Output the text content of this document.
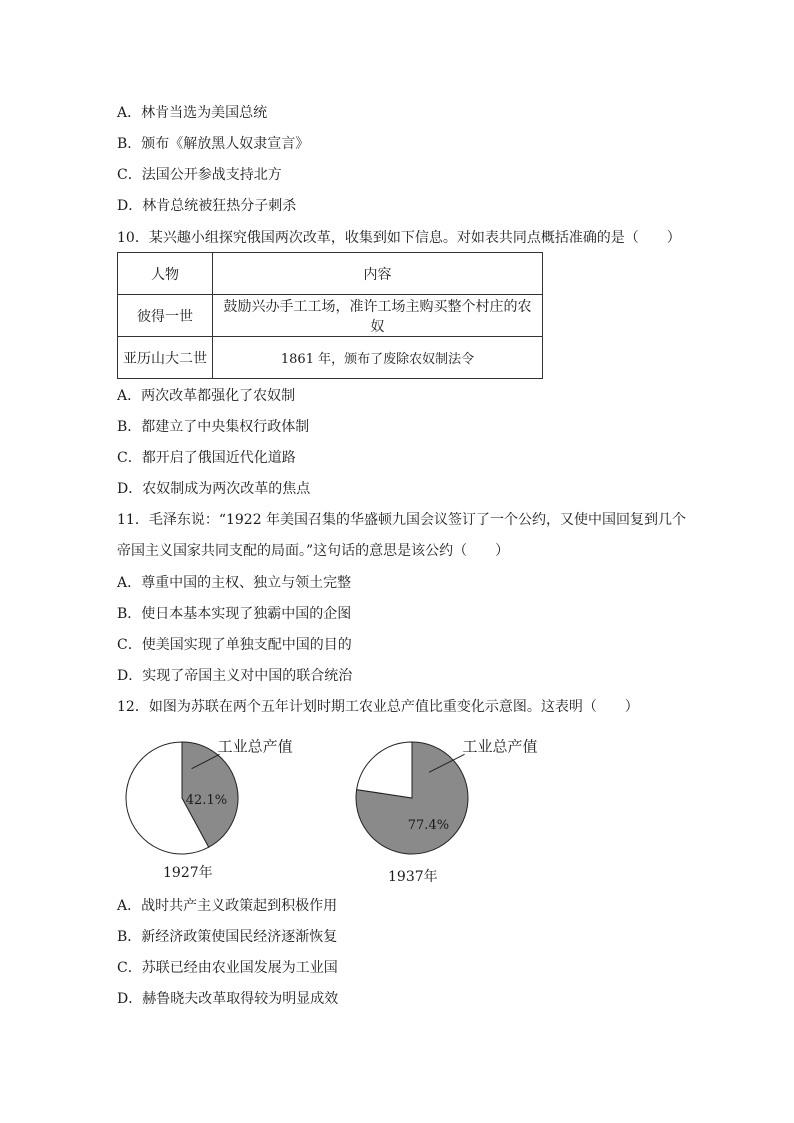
A．林肯当选为美国总统
B．颁布《解放黑人奴隶宣言》
C．法国公开参战支持北方
D．林肯总统被狂热分子刺杀
10．某兴趣小组探究俄国两次改革，收集到如下信息。对如表共同点概括准确的是（　　）
人物	内容
彼得一世	鼓励兴办手工工场，准许工场主购买整个村庄的农奴
亚历山大二世	1861 年，颁布了废除农奴制法令
A．两次改革都强化了农奴制
B．都建立了中央集权行政体制
C．都开启了俄国近代化道路
D．农奴制成为两次改革的焦点
11．毛泽东说：“1922 年美国召集的华盛顿九国会议签订了一个公约，又使中国回复到几个
帝国主义国家共同支配的局面。”这句话的意思是该公约（　　）
A．尊重中国的主权、独立与领土完整
B．使日本基本实现了独霸中国的企图
C．使美国实现了单独支配中国的目的
D．实现了帝国主义对中国的联合统治
12．如图为苏联在两个五年计划时期工农业总产值比重变化示意图。这表明（　　）
42.1%
工业总产值
1927年
77.4%
工业总产值
1937年
A．战时共产主义政策起到积极作用
B．新经济政策使国民经济逐渐恢复
C．苏联已经由农业国发展为工业国
D．赫鲁晓夫改革取得较为明显成效
